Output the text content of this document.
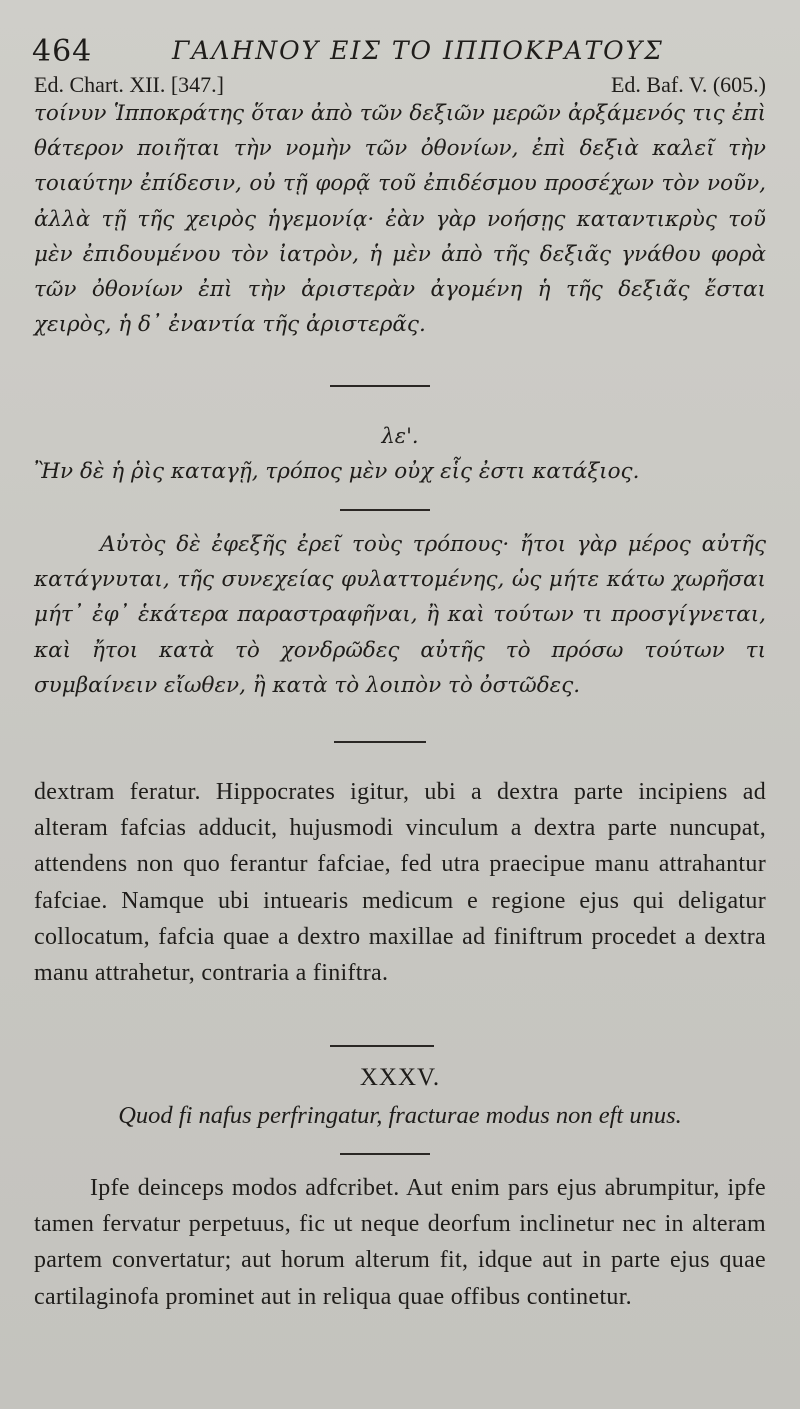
464	ΓΑΛΗΝΟΥ ΕΙΣ ΤΟ ΙΠΠΟΚΡΑΤΟΥΣ
Ed. Chart. XII. [347.]	Ed. Baf. V. (605.)

τοίνυν Ἱπποκράτης ὅταν ἀπὸ τῶν δεξιῶν μερῶν ἀρξάμενός τις ἐπὶ θάτερον ποιῆται τὴν νομὴν τῶν ὀθονίων, ἐπὶ δεξιὰ καλεῖ τὴν τοιαύτην ἐπίδεσιν, οὐ τῇ φορᾷ τοῦ ἐπιδέσμου προσέχων τὸν νοῦν, ἀλλὰ τῇ τῆς χειρὸς ἡγεμονίᾳ· ἐὰν γὰρ νοήσῃς καταντικρὺς τοῦ μὲν ἐπιδουμένου τὸν ἰατρὸν, ἡ μὲν ἀπὸ τῆς δεξιᾶς γνάθου φορὰ τῶν ὀθονίων ἐπὶ τὴν ἀριστερὰν ἀγομένη ἡ τῆς δεξιᾶς ἔσται χειρὸς, ἡ δ᾽ ἐναντία τῆς ἀριστερᾶς.

λε'.
Ἢν δὲ ἡ ῥὶς καταγῇ, τρόπος μὲν οὐχ εἷς ἐστι κατάξιος.

Αὐτὸς δὲ ἐφεξῆς ἐρεῖ τοὺς τρόπους· ἤτοι γὰρ μέρος αὐτῆς κατάγνυται, τῆς συνεχείας φυλαττομένης, ὡς μήτε κάτω χωρῆσαι μήτ᾽ ἐφ᾽ ἑκάτερα παραστραφῆναι, ἢ καὶ τούτων τι προσγίγνεται, καὶ ἤτοι κατὰ τὸ χονδρῶδες αὐτῆς τὸ πρόσω τούτων τι συμβαίνειν εἴωθεν, ἢ κατὰ τὸ λοιπὸν τὸ ὀστῶδες.

dextram feratur. Hippocrates igitur, ubi a dextra parte incipiens ad alteram fafcias adducit, hujusmodi vinculum a dextra parte nuncupat, attendens non quo ferantur fafciae, fed utra praecipue manu attrahantur fafciae. Namque ubi intuearis medicum e regione ejus qui deligatur collocatum, fafcia quae a dextro maxillae ad finiftrum procedet a dextra manu attrahetur, contraria a finiftra.

XXXV.
Quod fi nafus perfringatur, fracturae modus non eft unus.

Ipfe deinceps modos adfcribet. Aut enim pars ejus abrumpitur, ipfe tamen fervatur perpetuus, fic ut neque deorfum inclinetur nec in alteram partem convertatur; aut horum alterum fit, idque aut in parte ejus quae cartilaginofa prominet aut in reliqua quae offibus continetur.
